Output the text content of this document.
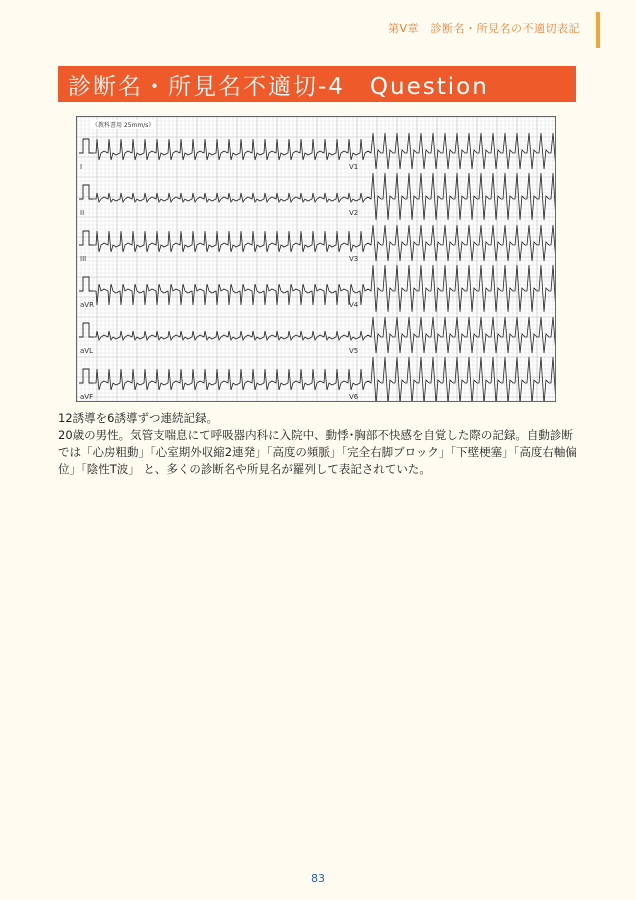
第Ⅴ章　診断名・所見名の不適切表記
診断名・所見名不適切-4　Question
《教科書用 25mm/s》
I	V1
II	V2
III	V3
aVR	V4
aVL	V5
aVF	V6

12誘導を6誘導ずつ連続記録。

20歳の男性。気管支喘息にて呼吸器内科に入院中、動悸･胸部不快感を自覚した際の記録。自動診断では「心房粗動」「心室期外収縮2連発」「高度の頻脈」「完全右脚ブロック」「下壁梗塞」「高度右軸偏位」「陰性T波」 と、多くの診断名や所見名が羅列して表記されていた。

83
